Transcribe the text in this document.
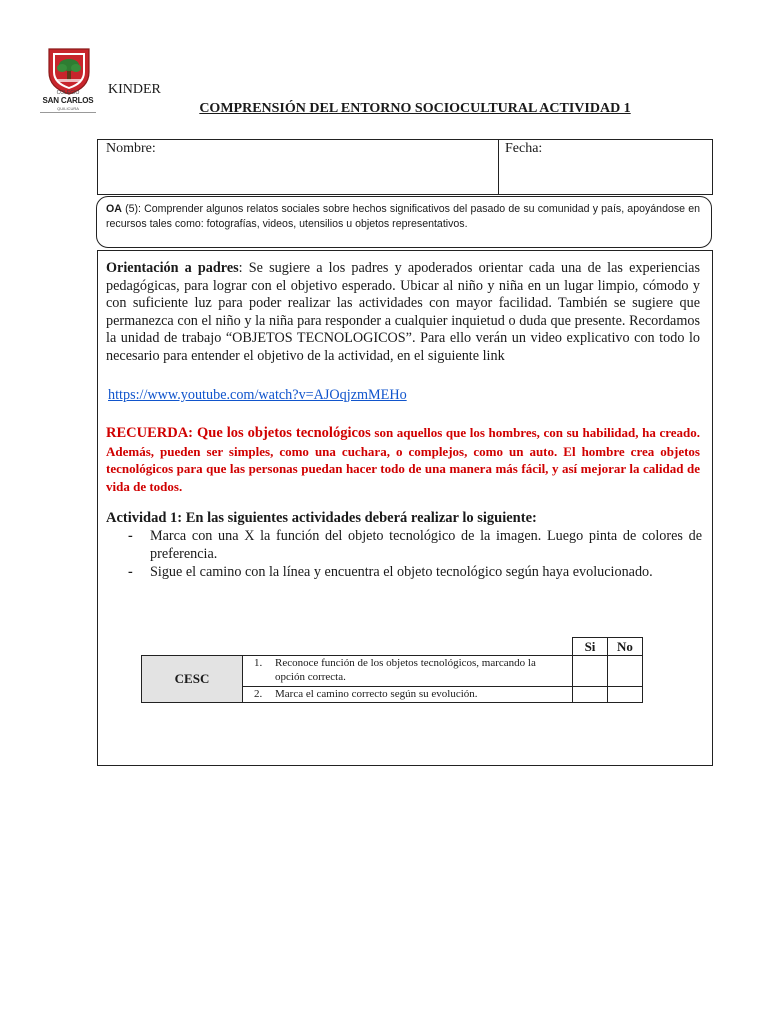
COLEGIO
SAN CARLOS
QUILICURA
KINDER
COMPRENSIÓN DEL ENTORNO SOCIOCULTURAL ACTIVIDAD 1
Nombre:	Fecha:
OA (5): Comprender algunos relatos sociales sobre hechos significativos del pasado de su comunidad y país, apoyándose en recursos tales como: fotografías, videos, utensilios u objetos representativos.
Orientación a padres: Se sugiere a los padres y apoderados orientar cada una de las experiencias pedagógicas, para lograr con el objetivo esperado. Ubicar al niño y niña en un lugar limpio, cómodo y con suficiente luz para poder realizar las actividades con mayor facilidad. También se sugiere que permanezca con el niño y la niña para responder a cualquier inquietud o duda que presente. Recordamos la unidad de trabajo “OBJETOS TECNOLOGICOS”. Para ello verán un video explicativo con todo lo necesario para entender el objetivo de la actividad, en el siguiente link
https://www.youtube.com/watch?v=AJOqjzmMEHo
RECUERDA: Que los objetos tecnológicos son aquellos que los hombres, con su habilidad, ha creado. Además, pueden ser simples, como una cuchara, o complejos, como un auto. El hombre crea objetos tecnológicos para que las personas puedan hacer todo de una manera más fácil, y así mejorar la calidad de vida de todos.
Actividad 1: En las siguientes actividades deberá realizar lo siguiente:
-	Marca con una X la función del objeto tecnológico de la imagen. Luego pinta de colores de preferencia.
-	Sigue el camino con la línea y encuentra el objeto tecnológico según haya evolucionado.
		Si	No
CESC	1. Reconoce función de los objetos tecnológicos, marcando la opción correcta.		

	2. Marca el camino correcto según su evolución.		
